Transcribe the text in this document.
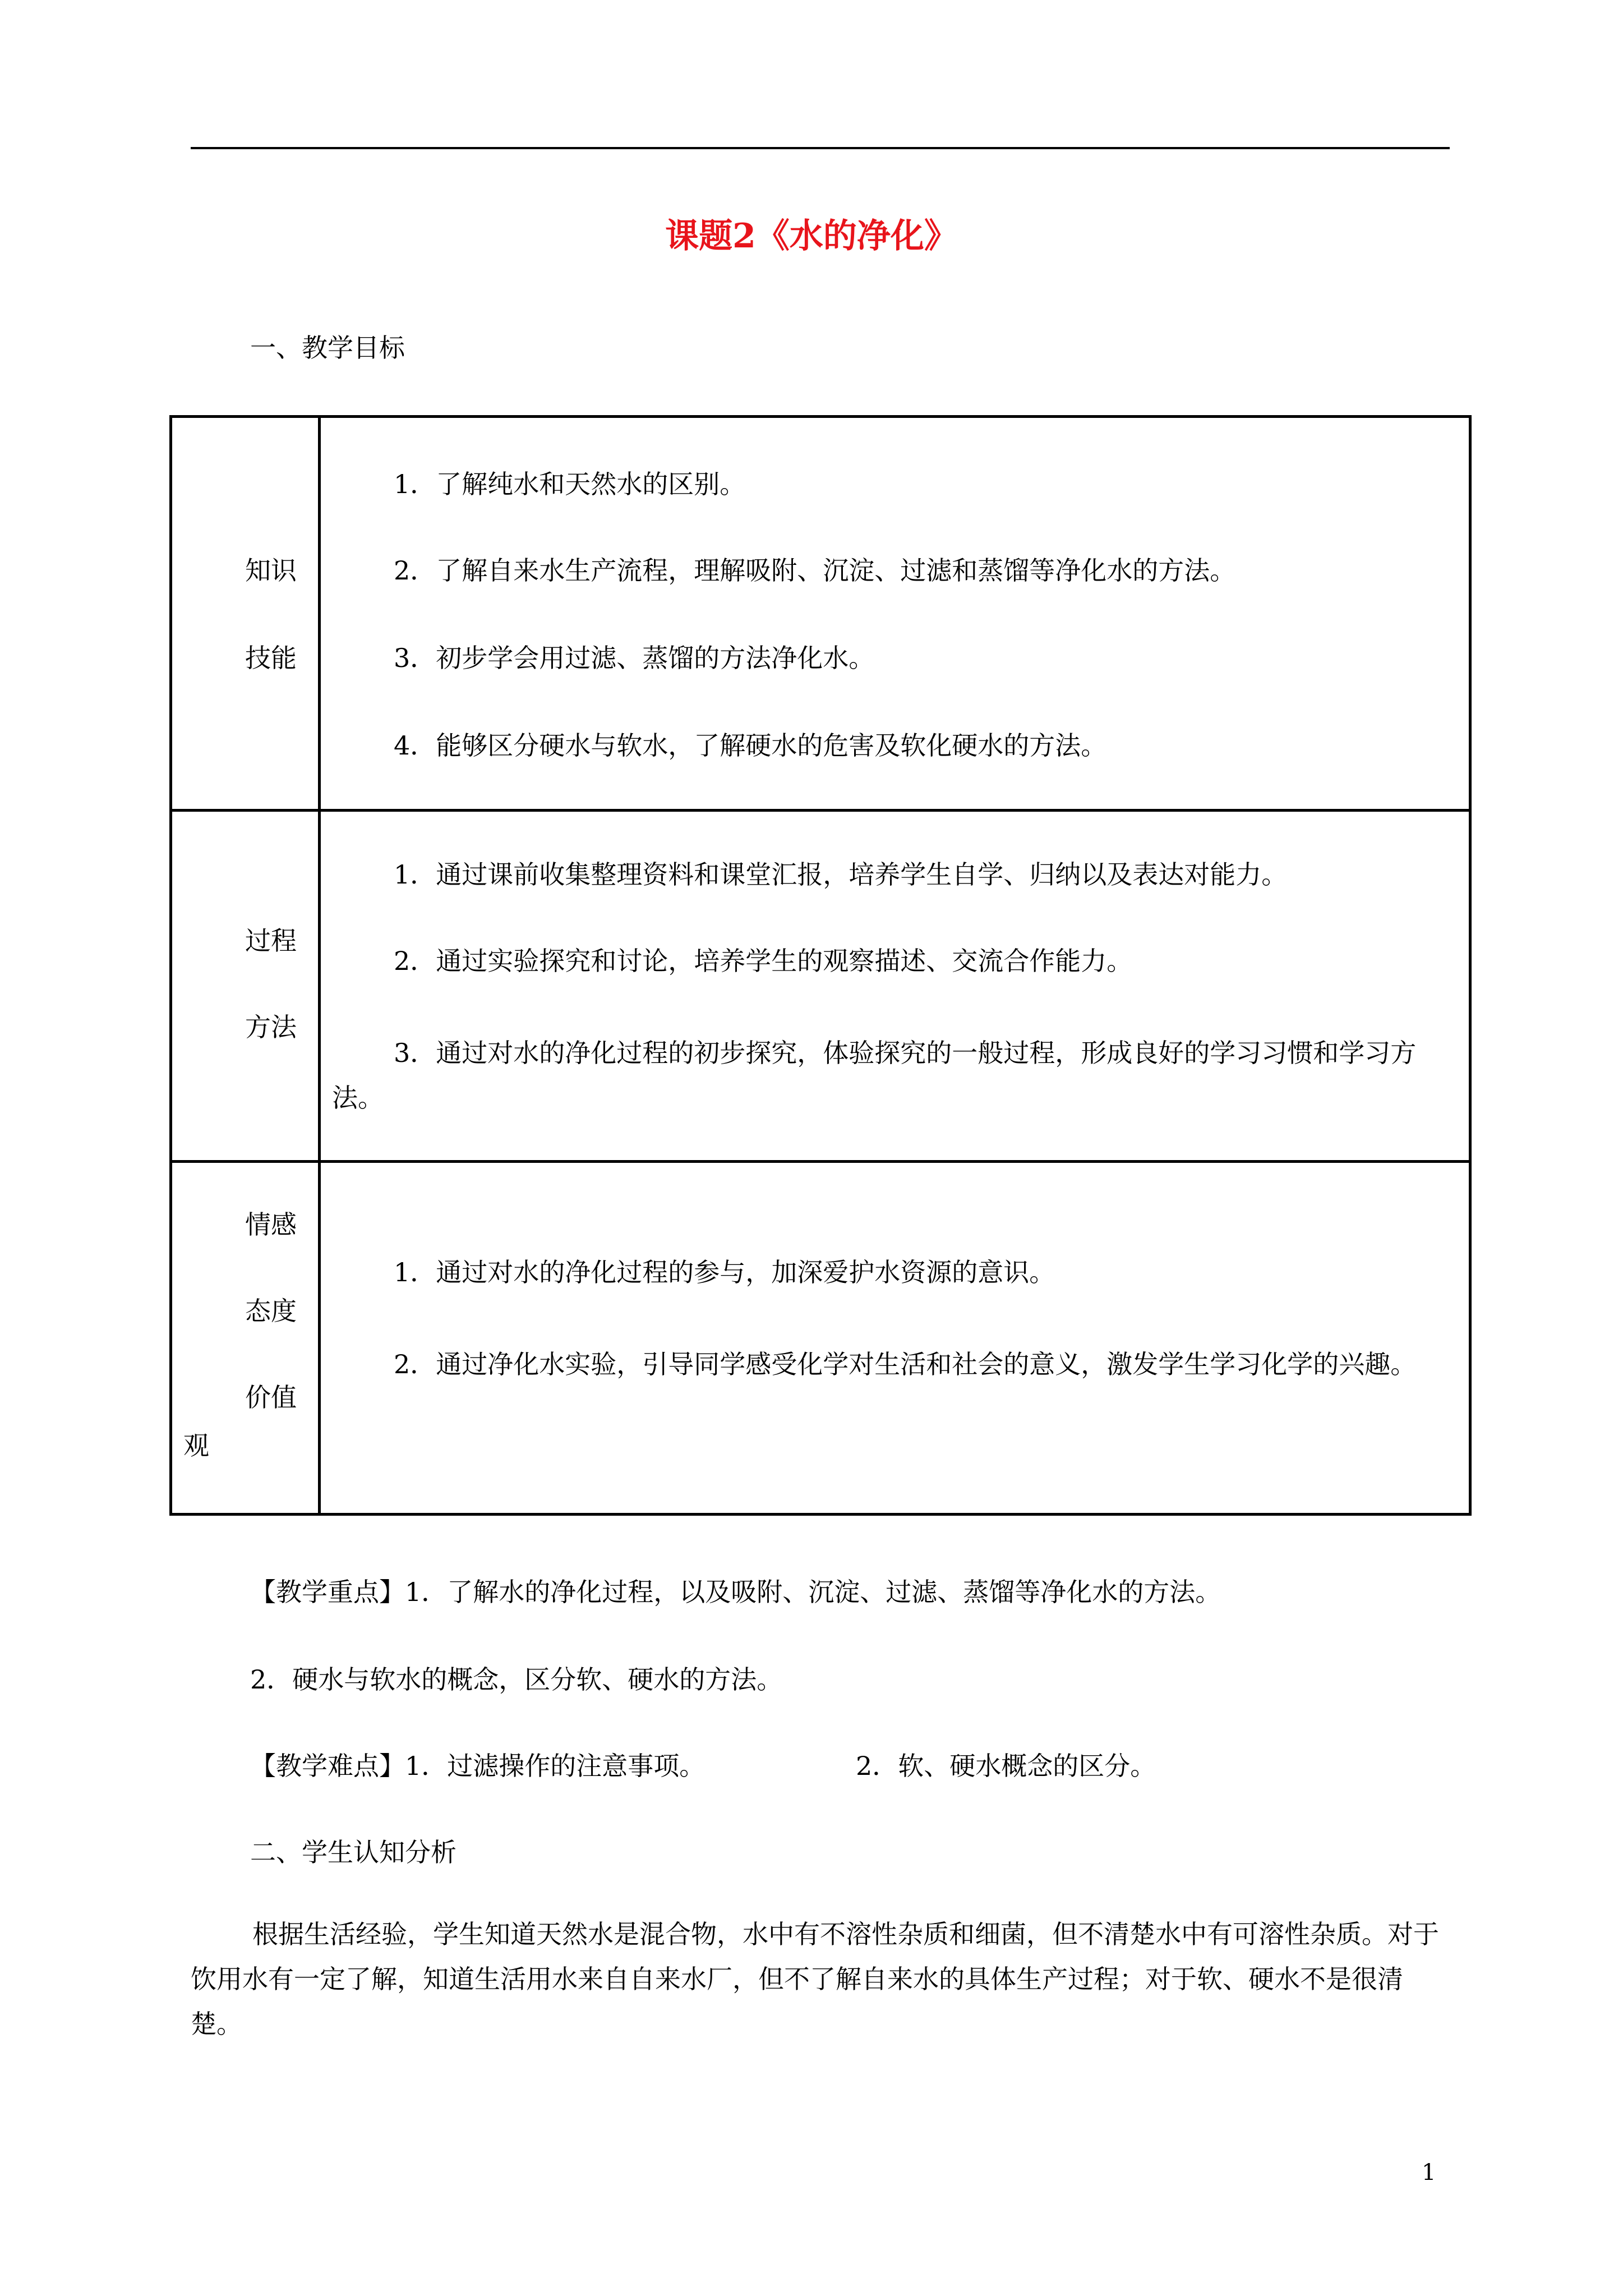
课题2《水的净化》
一、教学目标
知识
技能
1．了解纯水和天然水的区别。
2．了解自来水生产流程，理解吸附、沉淀、过滤和蒸馏等净化水的方法。
3．初步学会用过滤、蒸馏的方法净化水。
4．能够区分硬水与软水，了解硬水的危害及软化硬水的方法。
过程
方法
1．通过课前收集整理资料和课堂汇报，培养学生自学、归纳以及表达对能力。
2．通过实验探究和讨论，培养学生的观察描述、交流合作能力。
3．通过对水的净化过程的初步探究，体验探究的一般过程，形成良好的学习习惯和学习方法。
情感
态度
价值
观
1．通过对水的净化过程的参与，加深爱护水资源的意识。
2．通过净化水实验，引导同学感受化学对生活和社会的意义，激发学生学习化学的兴趣。
【教学重点】1．了解水的净化过程，以及吸附、沉淀、过滤、蒸馏等净化水的方法。
2．硬水与软水的概念，区分软、硬水的方法。
【教学难点】1．过滤操作的注意事项。	2．软、硬水概念的区分。
二、学生认知分析
根据生活经验，学生知道天然水是混合物，水中有不溶性杂质和细菌，但不清楚水中有可溶性杂质。对于饮用水有一定了解，知道生活用水来自自来水厂，但不了解自来水的具体生产过程；对于软、硬水不是很清楚。
1
